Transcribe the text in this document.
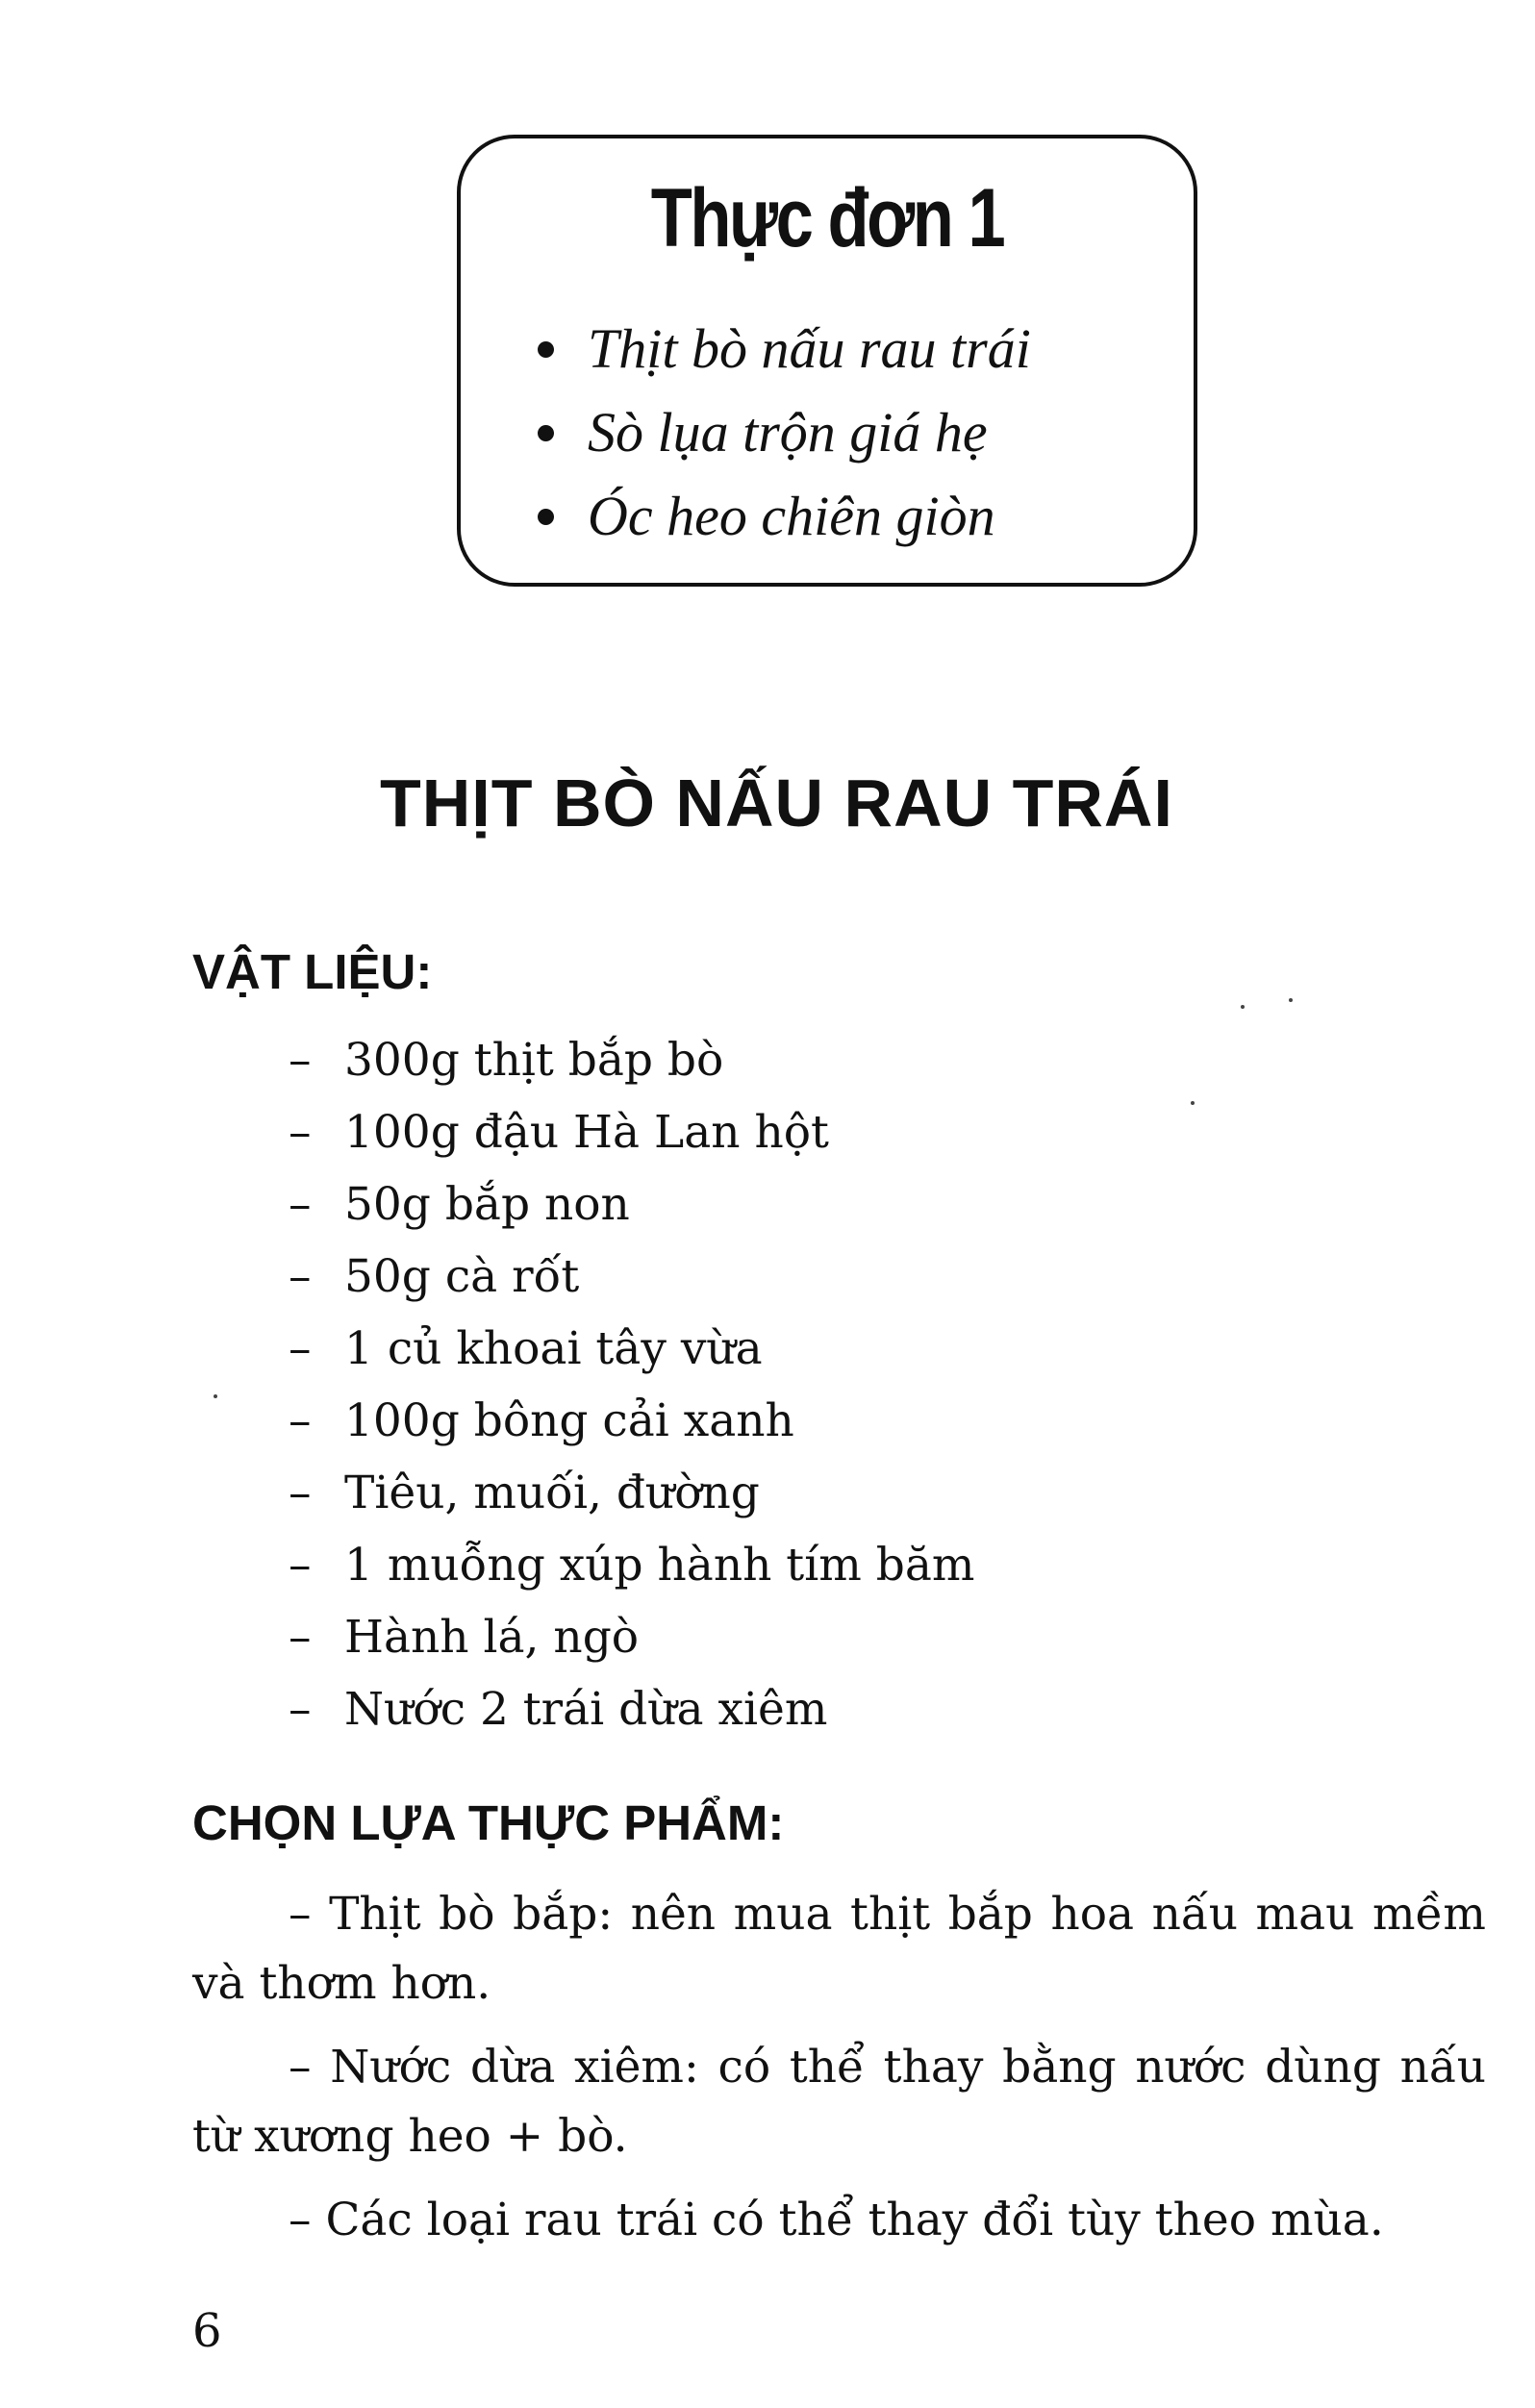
Thực đơn 1
Thịt bò nấu rau trái
Sò lụa trộn giá hẹ
Óc heo chiên giòn
THỊT BÒ NẤU RAU TRÁI
VẬT LIỆU:
– 300g thịt bắp bò
– 100g đậu Hà Lan hột
– 50g bắp non
– 50g cà rốt
– 1 củ khoai tây vừa
– 100g bông cải xanh
– Tiêu, muối, đường
– 1 muỗng xúp hành tím băm
– Hành lá, ngò
– Nước 2 trái dừa xiêm
CHỌN LỰA THỰC PHẨM:

– Thịt bò bắp: nên mua thịt bắp hoa nấu mau mềm và thơm hơn.

– Nước dừa xiêm: có thể thay bằng nước dùng nấu từ xương heo + bò.

– Các loại rau trái có thể thay đổi tùy theo mùa.

6
